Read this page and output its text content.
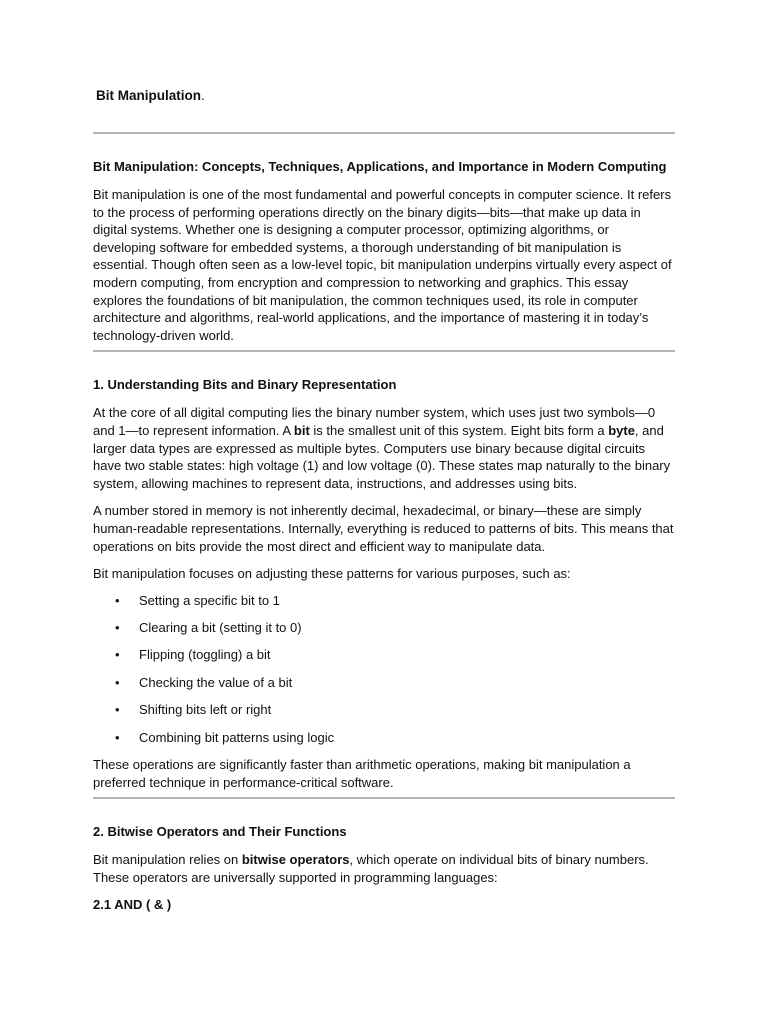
Bit Manipulation.
Bit Manipulation: Concepts, Techniques, Applications, and Importance in Modern Computing

Bit manipulation is one of the most fundamental and powerful concepts in computer science. It refers to the process of performing operations directly on the binary digits—bits—that make up data in digital systems. Whether one is designing a computer processor, optimizing algorithms, or developing software for embedded systems, a thorough understanding of bit manipulation is essential. Though often seen as a low-level topic, bit manipulation underpins virtually every aspect of modern computing, from encryption and compression to networking and graphics. This essay explores the foundations of bit manipulation, the common techniques used, its role in computer architecture and algorithms, real-world applications, and the importance of mastering it in today’s technology-driven world.

1. Understanding Bits and Binary Representation

At the core of all digital computing lies the binary number system, which uses just two symbols—0 and 1—to represent information. A bit is the smallest unit of this system. Eight bits form a byte, and larger data types are expressed as multiple bytes. Computers use binary because digital circuits have two stable states: high voltage (1) and low voltage (0). These states map naturally to the binary system, allowing machines to represent data, instructions, and addresses using bits.

A number stored in memory is not inherently decimal, hexadecimal, or binary—these are simply human-readable representations. Internally, everything is reduced to patterns of bits. This means that operations on bits provide the most direct and efficient way to manipulate data.

Bit manipulation focuses on adjusting these patterns for various purposes, such as:

• Setting a specific bit to 1
• Clearing a bit (setting it to 0)
• Flipping (toggling) a bit
• Checking the value of a bit
• Shifting bits left or right
• Combining bit patterns using logic

These operations are significantly faster than arithmetic operations, making bit manipulation a preferred technique in performance-critical software.

2. Bitwise Operators and Their Functions

Bit manipulation relies on bitwise operators, which operate on individual bits of binary numbers. These operators are universally supported in programming languages:

2.1 AND ( & )
